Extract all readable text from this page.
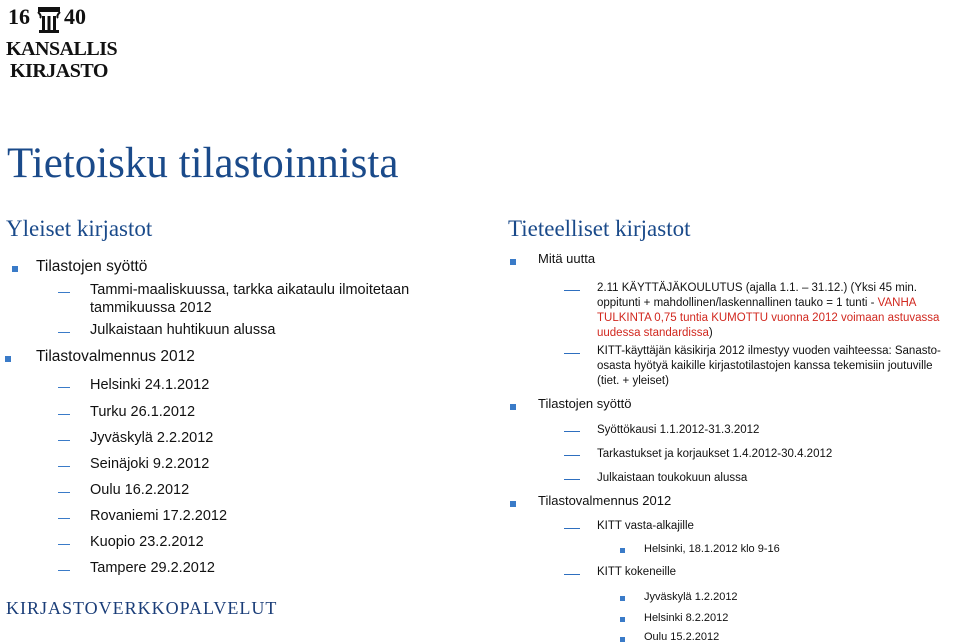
16 40
KANSALLIS
KIRJASTO
Tietoisku tilastoinnista
Yleiset kirjastot
Tilastojen syöttö
Tammi-maaliskuussa, tarkka aikataulu ilmoitetaan
tammikuussa 2012
Julkaistaan huhtikuun alussa
Tilastovalmennus 2012
Helsinki 24.1.2012
Turku 26.1.2012
Jyväskylä 2.2.2012
Seinäjoki 9.2.2012
Oulu 16.2.2012
Rovaniemi 17.2.2012
Kuopio 23.2.2012
Tampere 29.2.2012
KIRJASTOVERKKOPALVELUT
Tieteelliset kirjastot
Mitä uutta
2.11 KÄYTTÄJÄKOULUTUS (ajalla 1.1. – 31.12.) (Yksi 45 min.
oppitunti + mahdollinen/laskennallinen tauko = 1 tunti - VANHA
TULKINTA 0,75 tuntia KUMOTTU vuonna 2012 voimaan astuvassa
uudessa standardissa)
KITT-käyttäjän käsikirja 2012 ilmestyy vuoden vaihteessa: Sanasto-
osasta hyötyä kaikille kirjastotilastojen kanssa tekemisiin joutuville
(tiet. + yleiset)
Tilastojen syöttö
Syöttökausi 1.1.2012-31.3.2012
Tarkastukset ja korjaukset 1.4.2012-30.4.2012
Julkaistaan toukokuun alussa
Tilastovalmennus 2012
KITT vasta-alkajille
Helsinki, 18.1.2012 klo 9-16
KITT kokeneille
Jyväskylä 1.2.2012
Helsinki 8.2.2012
Oulu 15.2.2012
